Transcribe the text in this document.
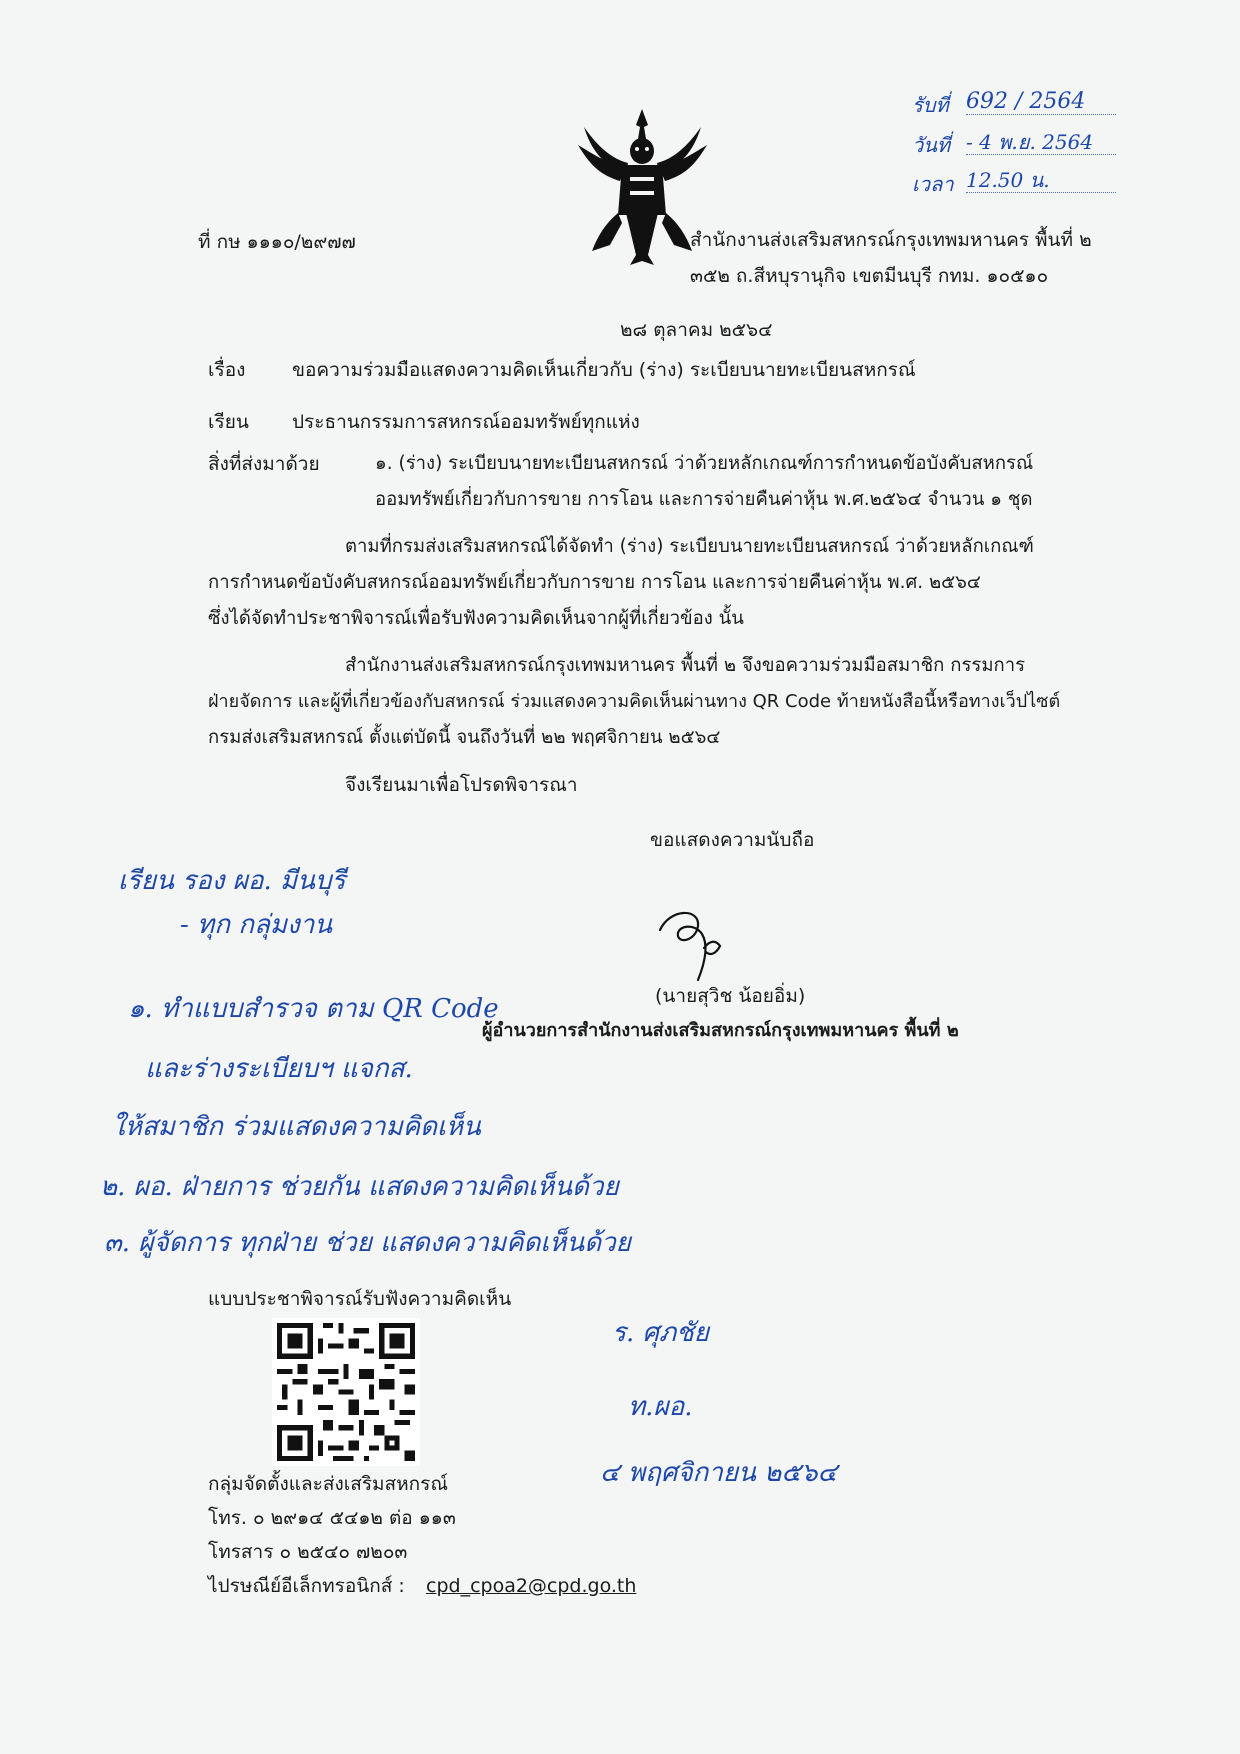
รับที่ 692 / 2564
วันที่ - 4 พ.ย. 2564
เวลา 12.50 น.
ที่ กษ ๑๑๑๐/๒๙๗๗	สำนักงานส่งเสริมสหกรณ์กรุงเทพมหานคร พื้นที่ ๒
๓๕๒ ถ.สีหบุรานุกิจ เขตมีนบุรี กทม. ๑๐๕๑๐
๒๘ ตุลาคม ๒๕๖๔
เรื่อง ขอความร่วมมือแสดงความคิดเห็นเกี่ยวกับ (ร่าง) ระเบียบนายทะเบียนสหกรณ์
เรียน ประธานกรรมการสหกรณ์ออมทรัพย์ทุกแห่ง
สิ่งที่ส่งมาด้วย	๑. (ร่าง) ระเบียบนายทะเบียนสหกรณ์ ว่าด้วยหลักเกณฑ์การกำหนดข้อบังคับสหกรณ์
ออมทรัพย์เกี่ยวกับการขาย การโอน และการจ่ายคืนค่าหุ้น พ.ศ.๒๕๖๔ จำนวน ๑ ชุด
ตามที่กรมส่งเสริมสหกรณ์ได้จัดทำ (ร่าง) ระเบียบนายทะเบียนสหกรณ์ ว่าด้วยหลักเกณฑ์
การกำหนดข้อบังคับสหกรณ์ออมทรัพย์เกี่ยวกับการขาย การโอน และการจ่ายคืนค่าหุ้น พ.ศ. ๒๕๖๔
ซึ่งได้จัดทำประชาพิจารณ์เพื่อรับฟังความคิดเห็นจากผู้ที่เกี่ยวข้อง นั้น
สำนักงานส่งเสริมสหกรณ์กรุงเทพมหานคร พื้นที่ ๒ จึงขอความร่วมมือสมาชิก กรรมการ
ฝ่ายจัดการ และผู้ที่เกี่ยวข้องกับสหกรณ์ ร่วมแสดงความคิดเห็นผ่านทาง QR Code ท้ายหนังสือนี้หรือทางเว็ปไซต์
กรมส่งเสริมสหกรณ์ ตั้งแต่บัดนี้ จนถึงวันที่ ๒๒ พฤศจิกายน ๒๕๖๔
จึงเรียนมาเพื่อโปรดพิจารณา
ขอแสดงความนับถือ
(นายสุวิช น้อยอิ่ม)
ผู้อำนวยการสำนักงานส่งเสริมสหกรณ์กรุงเทพมหานคร พื้นที่ ๒
เรียน รอง ผอ. มีนบุรี
- ทุก กลุ่มงาน
๑. ทำแบบสำรวจ ตาม QR Code
และร่างระเบียบฯ แจกส.
ให้สมาชิก ร่วมแสดงความคิดเห็น
๒. ผอ. ฝ่ายการ ช่วยกัน แสดงความคิดเห็นด้วย
๓. ผู้จัดการ ทุกฝ่าย ช่วย แสดงความคิดเห็นด้วย
ร. ศุภชัย
ท.ผอ.
๔ พฤศจิกายน ๒๕๖๔
แบบประชาพิจารณ์รับฟังความคิดเห็น
กลุ่มจัดตั้งและส่งเสริมสหกรณ์
โทร. ๐ ๒๙๑๔ ๕๔๑๒ ต่อ ๑๑๓
โทรสาร ๐ ๒๕๔๐ ๗๒๐๓
ไปรษณีย์อีเล็กทรอนิกส์ : cpd_cpoa2@cpd.go.th
